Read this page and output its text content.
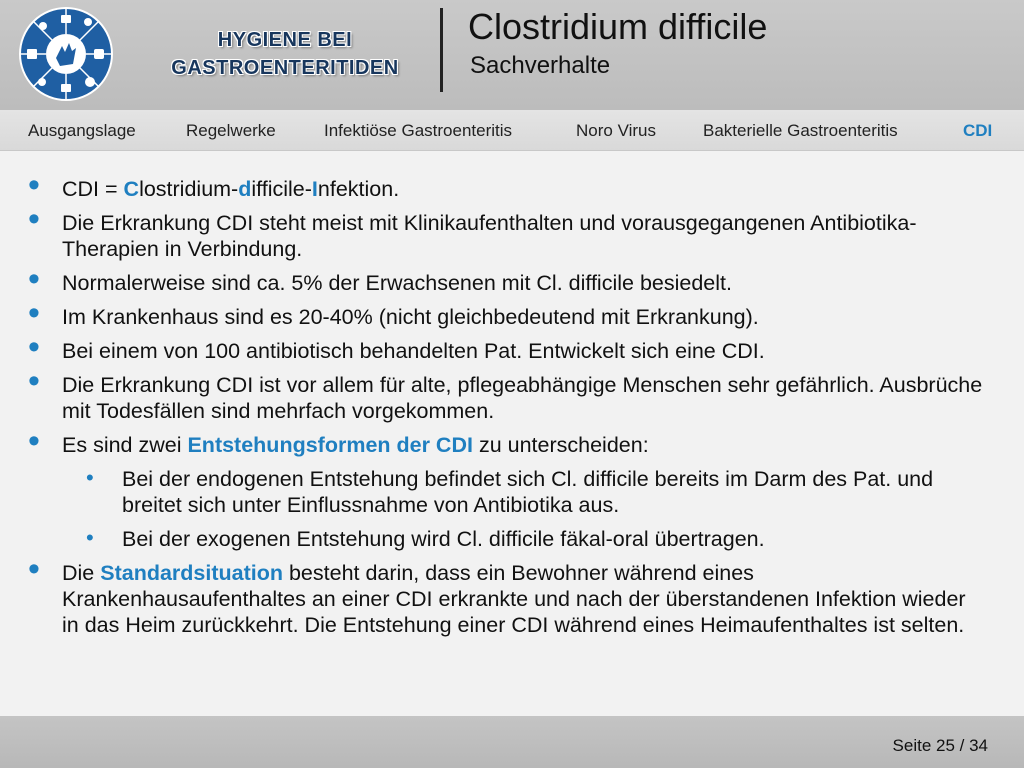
HYGIENE BEI
GASTROENTERITIDEN
Clostridium difficile
Sachverhalte
Ausgangslage	Regelwerke	Infektiöse Gastroenteritis	Noro Virus	Bakterielle Gastroenteritis	CDI
• CDI = Clostridium-difficile-Infektion.
• Die Erkrankung CDI steht meist mit Klinikaufenthalten und vorausgegangenen Antibiotika-Therapien in Verbindung.
• Normalerweise sind ca. 5% der Erwachsenen mit Cl. difficile besiedelt.
• Im Krankenhaus sind es 20-40% (nicht gleichbedeutend mit Erkrankung).
• Bei einem von 100 antibiotisch behandelten Pat. Entwickelt sich eine CDI.
• Die Erkrankung CDI ist vor allem für alte, pflegeabhängige Menschen sehr gefährlich. Ausbrüche mit Todesfällen sind mehrfach vorgekommen.
• Es sind zwei Entstehungsformen der CDI zu unterscheiden:
• Bei der endogenen Entstehung befindet sich Cl. difficile bereits im Darm des Pat. und breitet sich unter Einflussnahme von Antibiotika aus.
• Bei der exogenen Entstehung wird Cl. difficile fäkal-oral übertragen.
• Die Standardsituation besteht darin, dass ein Bewohner während eines Krankenhausaufenthaltes an einer CDI erkrankte und nach der überstandenen Infektion wieder in das Heim zurückkehrt. Die Entstehung einer CDI während eines Heimaufenthaltes ist selten.
Seite 25 / 34
